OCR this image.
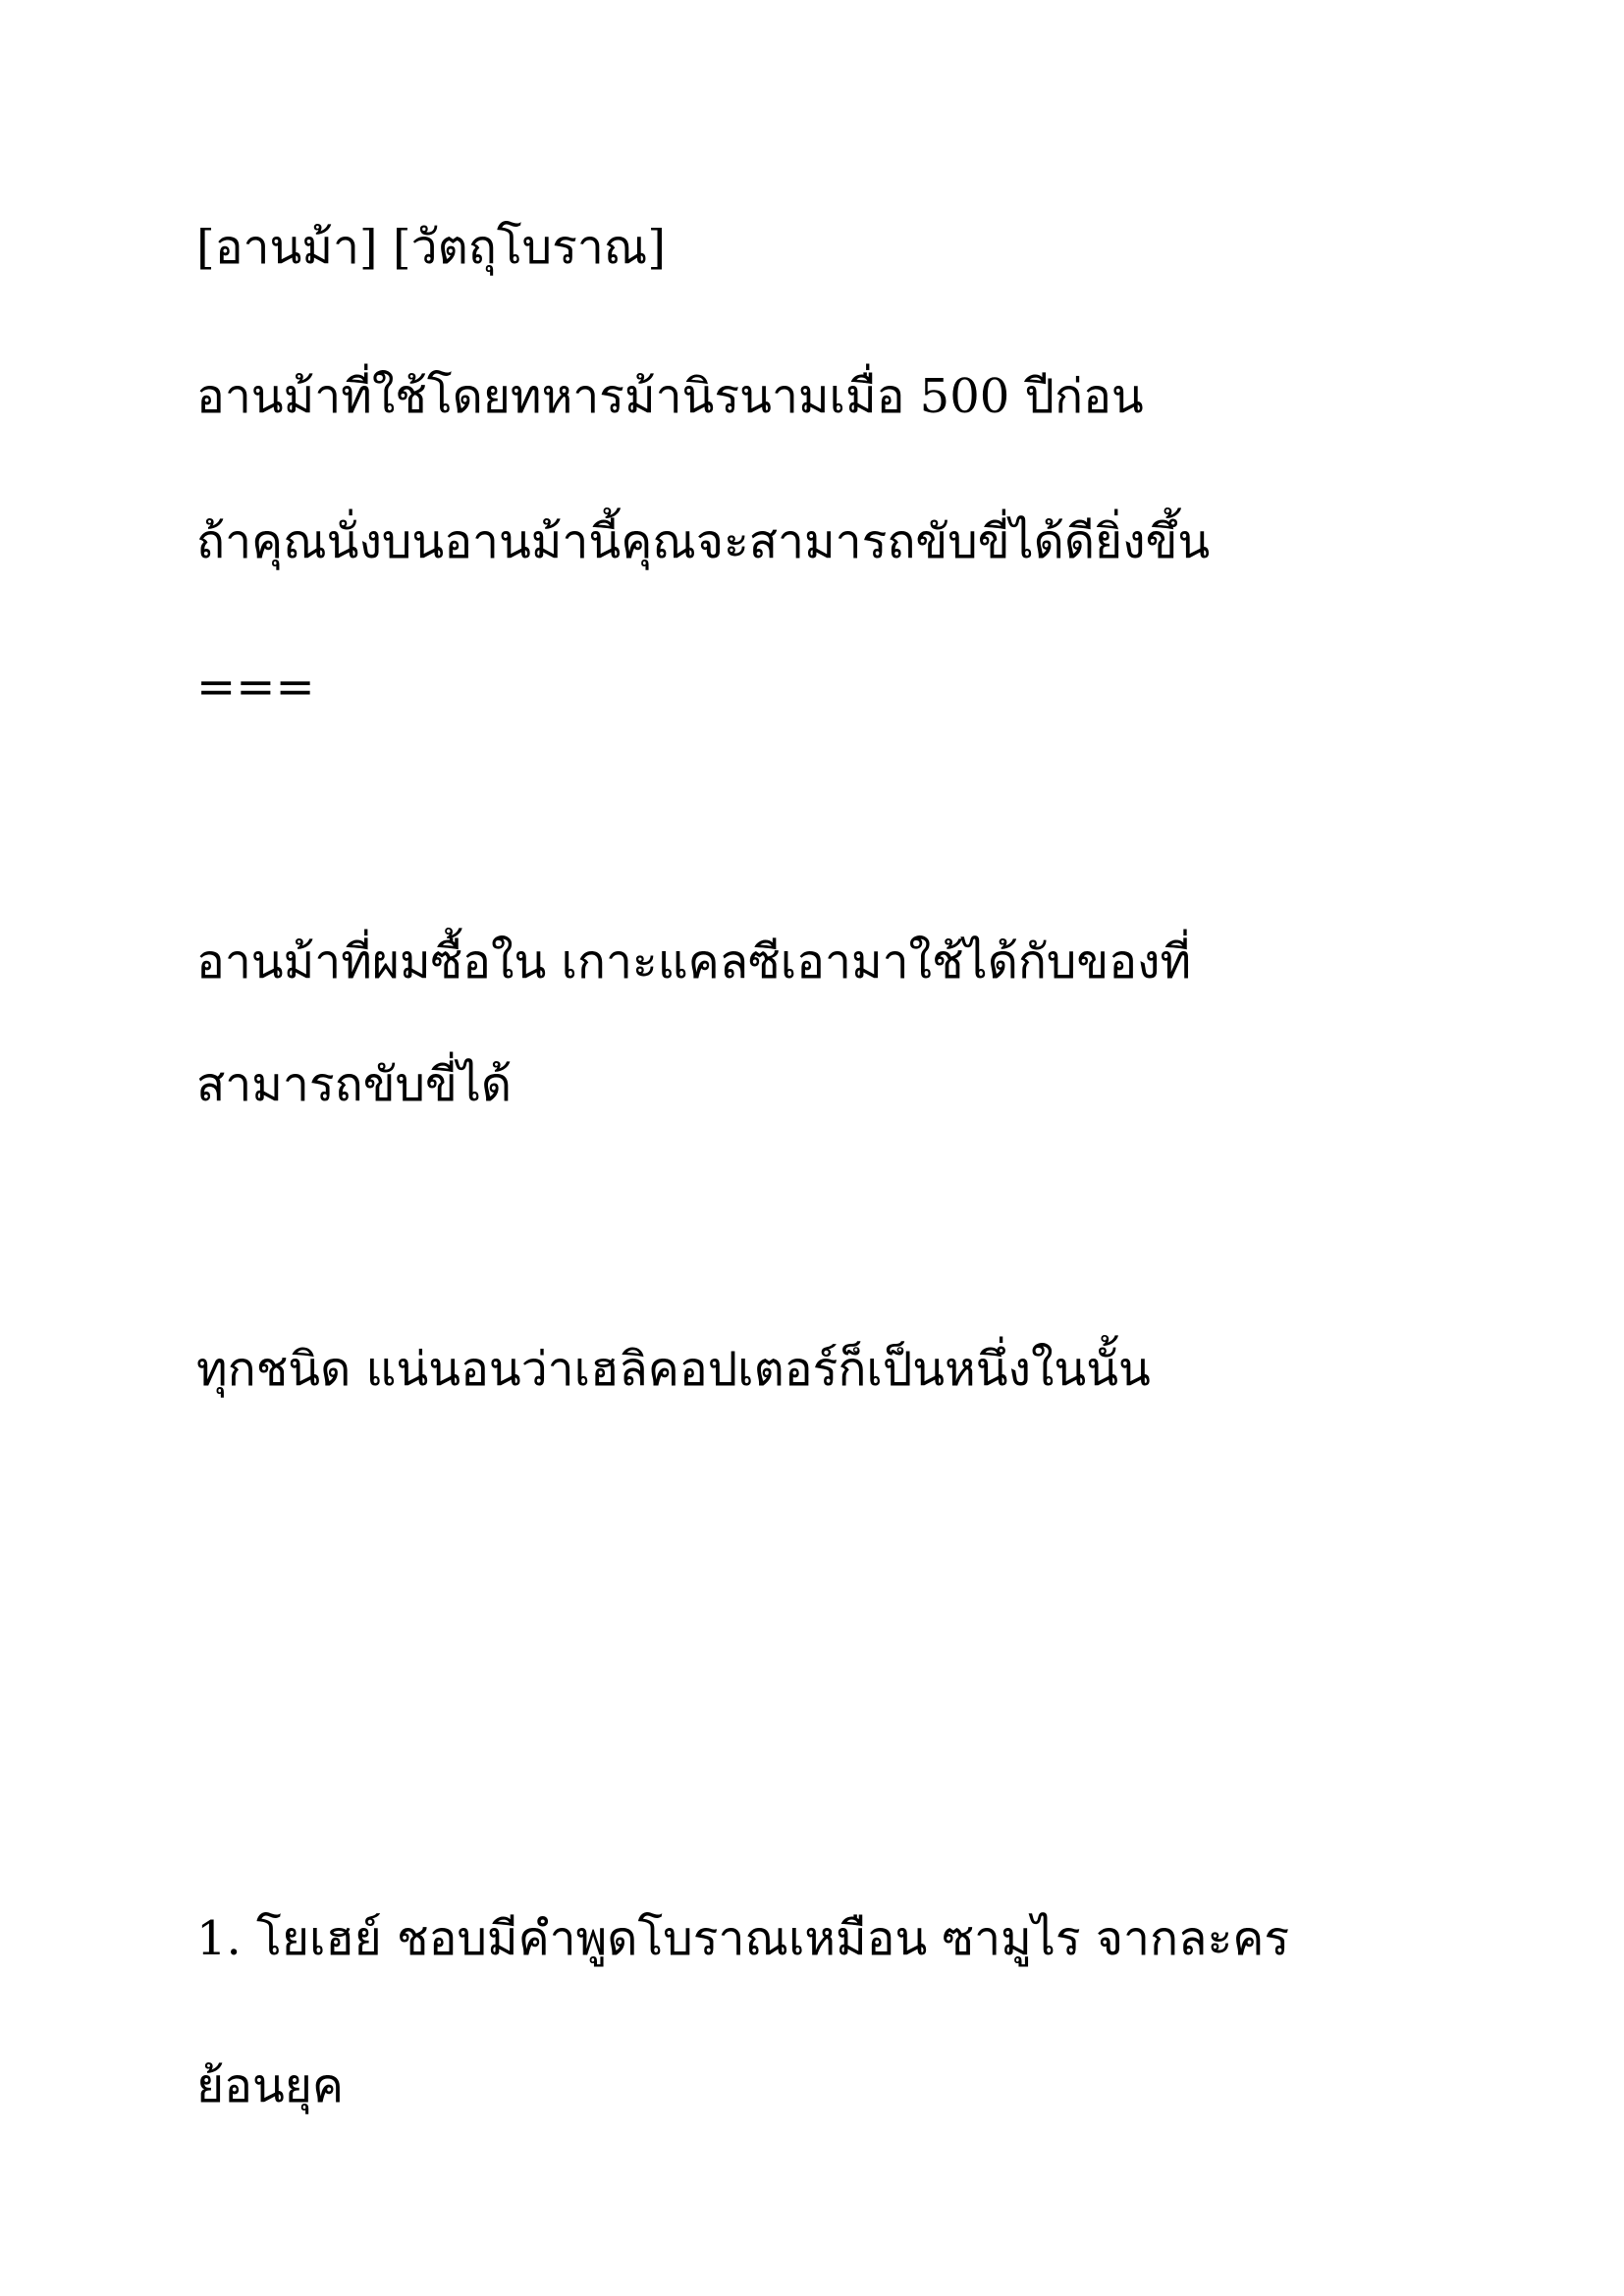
[อานม้า] [วัตถุโบราณ]
อานม้าที่ใช้โดยทหารม้านิรนามเมื่อ 500 ปีก่อน
ถ้าคุณนั่งบนอานม้านี้คุณจะสามารถขับขี่ได้ดียิ่งขึ้น
===
อานม้าที่ผมซื้อใน เกาะแคลซีเอามาใช้ได้กับของที่
สามารถขับขี่ได้
ทุกชนิด แน่นอนว่าเฮลิคอปเตอร์ก็เป็นหนึ่งในนั้น
1. โยเฮย์ ชอบมีคำพูดโบราณเหมือน ซามูไร จากละคร
ย้อนยุค
